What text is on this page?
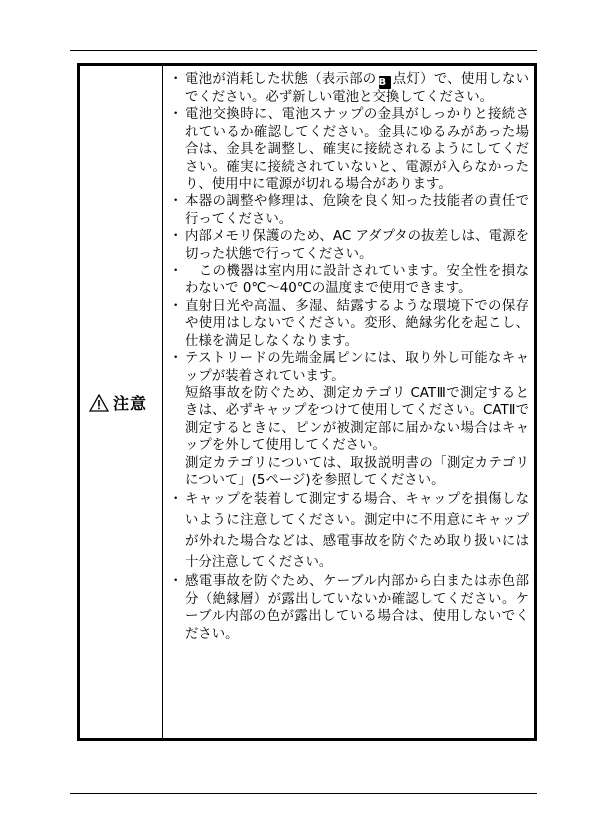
注意
・ 電池が消耗した状態（表示部の B 点灯）で、使用しないでください。必ず新しい電池と交換してください。
・ 電池交換時に、電池スナップの金具がしっかりと接続されているか確認してください。金具にゆるみがあった場合は、金具を調整し、確実に接続されるようにしてください。確実に接続されていないと、電源が入らなかったり、使用中に電源が切れる場合があります。
・ 本器の調整や修理は、危険を良く知った技能者の責任で行ってください。
・ 内部メモリ保護のため、AC アダプタの抜差しは、電源を切った状態で行ってください。
・ 　この機器は室内用に設計されています。安全性を損なわないで 0℃～40℃の温度まで使用できます。
・ 直射日光や高温、多湿、結露するような環境下での保存や使用はしないでください。変形、絶縁劣化を起こし、仕様を満足しなくなります。
・ テストリードの先端金属ピンには、取り外し可能なキャップが装着されています。
短絡事故を防ぐため、測定カテゴリ CATⅢで測定するときは、必ずキャップをつけて使用してください。CATⅡで測定するときに、ピンが被測定部に届かない場合はキャップを外して使用してください。
測定カテゴリについては、取扱説明書の「測定カテゴリについて」(5ページ)を参照してください。
・ キャップを装着して測定する場合、キャップを損傷しないように注意してください。測定中に不用意にキャップが外れた場合などは、感電事故を防ぐため取り扱いには十分注意してください。
・ 感電事故を防ぐため、ケーブル内部から白または赤色部分（絶縁層）が露出していないか確認してください。ケーブル内部の色が露出している場合は、使用しないでください。
